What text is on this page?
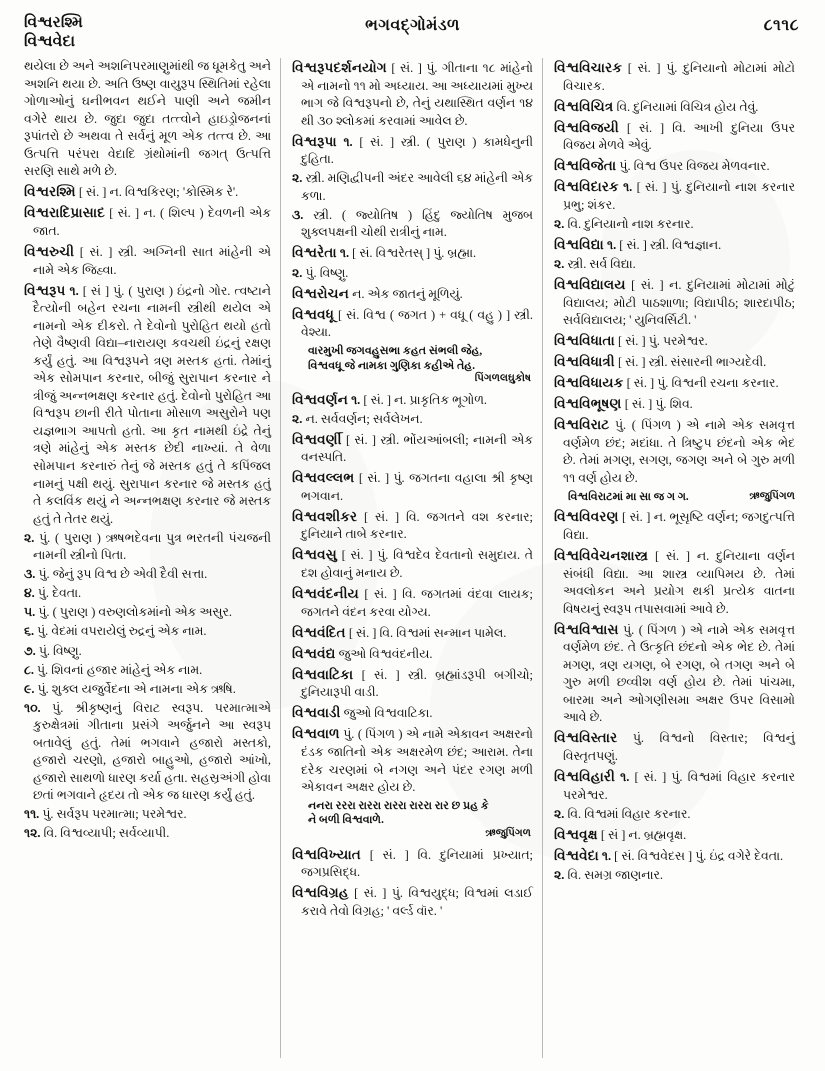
વિશ્વરશ્મિ
વિશ્વવેદા
ભગવદ્ગોમંડળ	૮૧૧૮

થયેલા છે અને અશનિપરમાણુમાંથી જ ધૂમકેતુ અને અશનિ થયા છે. અતિ ઉષ્ણ વાયુરૂપ સ્થિતિમાં રહેલા ગોળાઓનું ઘનીભવન થઈને પાણી અને જમીન વગેરે થાય છે. જુદા જુદા તત્ત્વોને હાઇડ્રોજનનાં રૂપાંતરો છે અથવા તે સર્વનું મૂળ એક તત્ત્વ છે. આ ઉત્પત્તિ પરંપરા વેદાદિ ગ્રંથોમાંની જગત્ ઉત્પત્તિ સરણિ સાથે મળે છે.

વિશ્વરશ્મિ [ સં. ] ન. વિશ્વકિરણ; 'કોસ્મિક રે'.

વિશ્વરાદિપ્રાસાદ [ સં. ] ન. ( શિલ્પ ) દેવળની એક જાત.

વિશ્વરુચી [ સં. ] સ્ત્રી. અગ્નિની સાત માંહેની એ નામે એક જિહ્વા.

વિશ્વરૂપ ૧. [ સં ] પું. ( પુરાણ ) ઇંદ્રનો ગોર. ત્વષ્ટાને દૈત્યોની બહેન રચના નામની સ્ત્રીથી થયેલ એ નામનો એક દીકરો. તે દેવોનો પુરોહિત થયો હતો તેણે વૈષ્ણવી વિદ્યા–નારાયણ કવચથી ઇંદ્રનું રક્ષણ કર્યું હતું. આ વિશ્વરૂપને ત્રણ મસ્તક હતાં. તેમાંનું એક સોમપાન કરનાર, બીજું સુરાપાન કરનાર ને ત્રીજું અન્નભક્ષણ કરનાર હતું. દેવોનો પુરોહિત આ વિશ્વરૂપ છાની રીતે પોતાના મોસાળ અસુરોને પણ યજ્ઞભાગ આપતો હતો. આ કૃત નામથી ઇંદ્રે તેનું ત્રણે માંહેનું એક મસ્તક છેદી નાખ્યાં. તે વેળા સોમપાન કરનારું તેનું જે મસ્તક હતું તે કપિંજલ નામનું પક્ષી થયું. સુરાપાન કરનાર જે મસ્તક હતું તે કલવિંક થયું ને અન્નભક્ષણ કરનાર જે મસ્તક હતું તે તેતર થયું.

૨. પું. ( પુરાણ ) ઋષભદેવના પુત્ર ભરતની પંચજની નામની સ્ત્રીનો પિતા.

૩. પું. જેનું રૂપ વિશ્વ છે એવી દૈવી સત્તા.

૪. પું. દેવતા.

૫. પું. ( પુરાણ ) વરુણલોકમાંનો એક અસુર.

૬. પું. વેદમાં વપરાયેલું રુદ્રનું એક નામ.

૭. પું. વિષ્ણુ.

૮. પું. શિવનાં હજાર માંહેનું એક નામ.

૯. પું. શુક્લ યજુર્વેદના એ નામના એક ઋષિ.

૧૦. પું. શ્રીકૃષ્ણનું વિરાટ સ્વરૂપ. પરમાત્માએ કુરુક્ષેત્રમાં ગીતાના પ્રસંગે અર્જુનને આ સ્વરૂપ બતાવેલું હતું. તેમાં ભગવાને હજારો મસ્તકો, હજારો ચરણો, હજારો બાહુઓ, હજારો આંખો, હજારો સાથળો ધારણ કર્યા હતા. સહસ્રઅંગી હોવા છતાં ભગવાને હૃદય તો એક જ ધારણ કર્યું હતું.

૧૧. પું. સર્વરૂપ પરમાત્મા; પરમેશ્વર.

૧૨. વિ. વિશ્વવ્યાપી; સર્વવ્યાપી.

વિશ્વરૂપદર્શનયોગ [ સં. ] પું. ગીતાના ૧૮ માંહેનો એ નામનો ૧૧ મો અધ્યાય. આ અધ્યાયમાં મુખ્ય ભાગ જે વિશ્વરૂપનો છે, તેનું યથાસ્થિત વર્ણન ૧૪ થી ૩૦ શ્લોકમાં કરવામાં આવેલ છે.

વિશ્વરૂપા ૧. [ સં. ] સ્ત્રી. ( પુરાણ ) કામધેનુની દુહિતા.

૨. સ્ત્રી. મણિદ્વીપની અંદર આવેલી ૬૪ માંહેની એક કળા.

૩. સ્ત્રી. ( જ્યોતિષ ) હિંદુ જ્યોતિષ મુજબ શુક્લપક્ષની ચોથી રાત્રીનું નામ.

વિશ્વરેતા ૧. [ સં. વિશ્વરેતસ્ ] પું. બ્રહ્મા.

૨. પું. વિષ્ણુ.

વિશ્વરોચન ન. એક જાતનું મૂળિયું.

વિશ્વવધૂ [ સં. વિશ્વ ( જગત ) + વધૂ ( વહુ ) ] સ્ત્રી. વેશ્યા.

વારમુખી જગવહુસભા કહત સંભલી જેહ,
વિશ્વવધૂ જે નામકા ગુણિકા કહીએ તેહ.
પિંગળલઘુકોષ

વિશ્વવર્ણન ૧. [ સં. ] ન. પ્રાકૃતિક ભૂગોળ.

૨. ન. સર્વવર્ણન; સર્વલેખન.

વિશ્વવર્ણી [ સં. ] સ્ત્રી. ભોંયઆંબલી; નામની એક વનસ્પતિ.

વિશ્વવલ્લભ [ સં. ] પું. જગતના વહાલા શ્રી કૃષ્ણ ભગવાન.

વિશ્વવશીકર [ સં. ] વિ. જગતને વશ કરનાર; દુનિયાને તાબે કરનાર.

વિશ્વવસુ [ સં. ] પું. વિશ્વદેવ દેવતાનો સમુદાય. તે દશ હોવાનું મનાય છે.

વિશ્વવંદનીય [ સં. ] વિ. જગતમાં વંદવા લાયક; જગતને વંદન કરવા યોગ્ય.

વિશ્વવંદિત [ સં. ] વિ. વિશ્વમાં સન્માન પામેલ.

વિશ્વવંદ્ય જુઓ વિશ્વવંદનીય.

વિશ્વવાટિકા [ સં. ] સ્ત્રી. બ્રહ્માંડરૂપી બગીચો; દુનિયારૂપી વાડી.

વિશ્વવાડી જુઓ વિશ્વવાટિકા.

વિશ્વવાળ પું. ( પિંગળ ) એ નામે એકાવન અક્ષરનો દંડક જાતિનો એક અક્ષરમેળ છંદ; આરામ. તેના દરેક ચરણમાં બે નગણ અને પંદર રગણ મળી એકાવન અક્ષર હોય છે.

નનરા રરરા રારરા રારરા રારરા રાર છ પ્રહ કે
ને બળી વિશ્વવાળે.
ઋજુપિંગળ

વિશ્વવિખ્યાત [ સં. ] વિ. દુનિયામાં પ્રખ્યાત; જગપ્રસિદ્ધ.

વિશ્વવિગ્રહ [ સં. ] પું. વિશ્વયુદ્ધ; વિશ્વમાં લડાઈ કરાવે તેવો વિગ્રહ; ' વર્લ્ડ વૉર. '

વિશ્વવિચારક [ સં. ] પું. દુનિયાનો મોટામાં મોટો વિચારક.

વિશ્વવિચિત્ર વિ. દુનિયામાં વિચિત્ર હોય તેવું.

વિશ્વવિજયી [ સં. ] વિ. આખી દુનિયા ઉપર વિજય મેળવે એવું.

વિશ્વવિજેતા પું. વિશ્વ ઉપર વિજય મેળવનાર.

વિશ્વવિદારક ૧. [ સં. ] પું. દુનિયાનો નાશ કરનાર પ્રભુ; શંકર.

૨. વિ. દુનિયાનો નાશ કરનાર.

વિશ્વવિદ્યા ૧. [ સં. ] સ્ત્રી. વિશ્વજ્ઞાન.

૨. સ્ત્રી. સર્વ વિદ્યા.

વિશ્વવિદ્યાલય [ સં. ] ન. દુનિયામાં મોટામાં મોટું વિદ્યાલય; મોટી પાઠશાળા; વિદ્યાપીઠ; શારદાપીઠ; સર્વવિદ્યાલય; ' યુનિવર્સિટી. '

વિશ્વવિધાતા [ સં. ] પું. પરમેશ્વર.

વિશ્વવિધાત્રી [ સં. ] સ્ત્રી. સંસારની ભાગ્યદેવી.

વિશ્વવિધાયક [ સં. ] પું. વિશ્વની રચના કરનાર.

વિશ્વવિભૂષણ [ સં. ] પું. શિવ.

વિશ્વવિરાટ પું. ( પિંગળ ) એ નામે એક સમવૃત્ત વર્ણમેળ છંદ; મદાંધા. તે ત્રિષ્ટુપ છંદનો એક ભેદ છે. તેમાં મગણ, સગણ, જગણ અને બે ગુરુ મળી ૧૧ વર્ણ હોય છે.

ઋજુપિંગળ
વિશ્વવિરાટમાં મા સા જ ગ ગ.

વિશ્વવિવરણ [ સં. ] ન. ભૂસૃષ્ટિ વર્ણન; જગદુત્પત્તિ વિદ્યા.

વિશ્વવિવેચનશાસ્ત્ર [ સં. ] ન. દુનિયાના વર્ણન સંબંધી વિદ્યા. આ શાસ્ત્ર વ્યાપિમય છે. તેમાં અવલોકન અને પ્રયોગ થકી પ્રત્યેક વાતના વિષયનું સ્વરૂપ તપાસવામાં આવે છે.

વિશ્વવિશ્વાસ પું. ( પિંગળ ) એ નામે એક સમવૃત્ત વર્ણમેળ છંદ. તે ઉત્કૃતિ છંદનો એક ભેદ છે. તેમાં મગણ, ત્રણ યગણ, બે રગણ, બે તગણ અને બે ગુરુ મળી છવ્વીશ વર્ણ હોય છે. તેમાં પાંચમા, બારમા અને ઓગણીસમા અક્ષર ઉપર વિસામો આવે છે.

વિશ્વવિસ્તાર પું. વિશ્વનો વિસ્તાર; વિશ્વનું વિસ્તૃતપણું.

વિશ્વવિહારી ૧. [ સં. ] પું. વિશ્વમાં વિહાર કરનાર પરમેશ્વર.

૨. વિ. વિશ્વમાં વિહાર કરનાર.

વિશ્વવૃક્ષ [ સં ] ન. બ્રહ્મવૃક્ષ.

વિશ્વવેદા ૧. [ સં. વિશ્વવેદસ ] પું. ઇંદ્ર વગેરે દેવતા.

૨. વિ. સમગ્ર જાણનાર.
